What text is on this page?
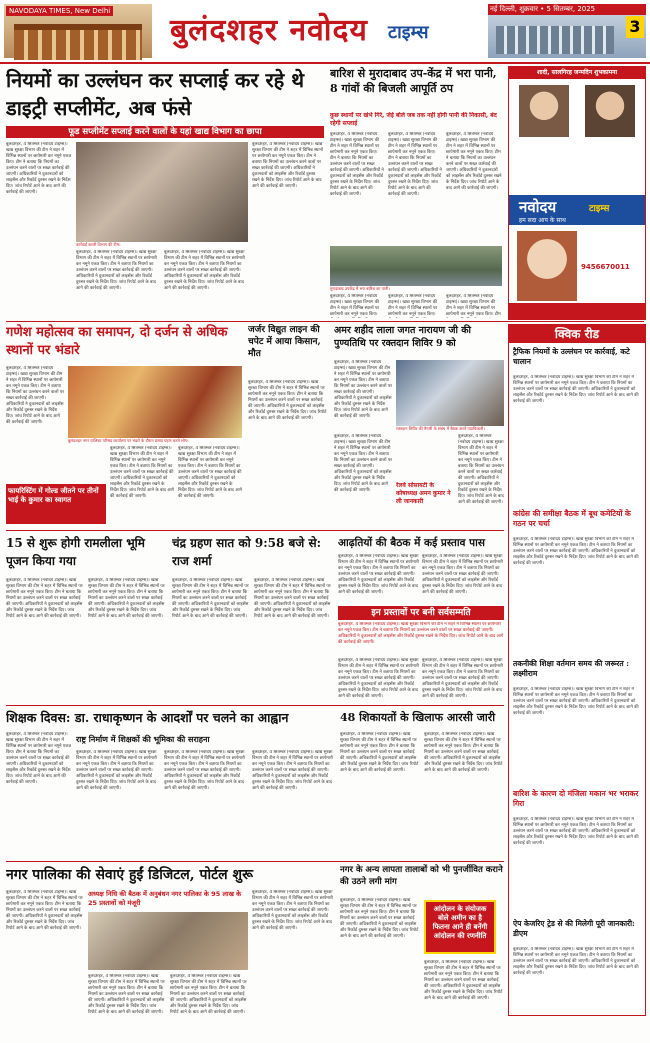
NAVODAYA TIMES, New Delhi
बुलंदशहर नवोदय टाइम्स
नई दिल्ली, शुक्रवार • 5 सितम्बर, 2025
3
नियमों का उल्लंघन कर सप्लाई कर रहे थे डाइट्री सप्लीमेंट, अब फंसे
फूड सप्लीमेंट सप्लाई करने वालों के यहां खाद्य विभाग का छापा
बुलंदशहर, 4 सितम्बर (नवोदय टाइम्स)। खाद्य सुरक्षा विभाग की टीम ने शहर में विभिन्न स्थानों पर छापेमारी कर नमूने एकत्र किए। टीम ने बताया कि नियमों का उल्लंघन करने वालों पर सख्त कार्रवाई की जाएगी। अधिकारियों ने दुकानदारों को लाइसेंस और रिकॉर्ड दुरुस्त रखने के निर्देश दिए। जांच रिपोर्ट आने के बाद आगे की कार्रवाई की जाएगी।
कार्रवाई करती विभाग की टीम।
बुलंदशहर, 4 सितम्बर (नवोदय टाइम्स)। खाद्य सुरक्षा विभाग की टीम ने शहर में विभिन्न स्थानों पर छापेमारी कर नमूने एकत्र किए। टीम ने बताया कि नियमों का उल्लंघन करने वालों पर सख्त कार्रवाई की जाएगी। अधिकारियों ने दुकानदारों को लाइसेंस और रिकॉर्ड दुरुस्त रखने के निर्देश दिए। जांच रिपोर्ट आने के बाद आगे की कार्रवाई की जाएगी।
बुलंदशहर, 4 सितम्बर (नवोदय टाइम्स)। खाद्य सुरक्षा विभाग की टीम ने शहर में विभिन्न स्थानों पर छापेमारी कर नमूने एकत्र किए। टीम ने बताया कि नियमों का उल्लंघन करने वालों पर सख्त कार्रवाई की जाएगी। अधिकारियों ने दुकानदारों को लाइसेंस और रिकॉर्ड दुरुस्त रखने के निर्देश दिए। जांच रिपोर्ट आने के बाद आगे की कार्रवाई की जाएगी।
बुलंदशहर, 4 सितम्बर (नवोदय टाइम्स)। खाद्य सुरक्षा विभाग की टीम ने शहर में विभिन्न स्थानों पर छापेमारी कर नमूने एकत्र किए। टीम ने बताया कि नियमों का उल्लंघन करने वालों पर सख्त कार्रवाई की जाएगी। अधिकारियों ने दुकानदारों को लाइसेंस और रिकॉर्ड दुरुस्त रखने के निर्देश दिए। जांच रिपोर्ट आने के बाद आगे की कार्रवाई की जाएगी।
बारिश से मुरादाबाद उप-केंद्र में भरा पानी, 8 गांवों की बिजली आपूर्ति ठप
कुछ स्थानों पर खंभे गिरे, जेई बोले जब तक नहीं होगी पानी की निकासी, बंद रहेगी सप्लाई
बुलंदशहर, 4 सितम्बर (नवोदय टाइम्स)। खाद्य सुरक्षा विभाग की टीम ने शहर में विभिन्न स्थानों पर छापेमारी कर नमूने एकत्र किए। टीम ने बताया कि नियमों का उल्लंघन करने वालों पर सख्त कार्रवाई की जाएगी। अधिकारियों ने दुकानदारों को लाइसेंस और रिकॉर्ड दुरुस्त रखने के निर्देश दिए। जांच रिपोर्ट आने के बाद आगे की कार्रवाई की जाएगी।
बुलंदशहर, 4 सितम्बर (नवोदय टाइम्स)। खाद्य सुरक्षा विभाग की टीम ने शहर में विभिन्न स्थानों पर छापेमारी कर नमूने एकत्र किए। टीम ने बताया कि नियमों का उल्लंघन करने वालों पर सख्त कार्रवाई की जाएगी। अधिकारियों ने दुकानदारों को लाइसेंस और रिकॉर्ड दुरुस्त रखने के निर्देश दिए। जांच रिपोर्ट आने के बाद आगे की कार्रवाई की जाएगी।
बुलंदशहर, 4 सितम्बर (नवोदय टाइम्स)। खाद्य सुरक्षा विभाग की टीम ने शहर में विभिन्न स्थानों पर छापेमारी कर नमूने एकत्र किए। टीम ने बताया कि नियमों का उल्लंघन करने वालों पर सख्त कार्रवाई की जाएगी। अधिकारियों ने दुकानदारों को लाइसेंस और रिकॉर्ड दुरुस्त रखने के निर्देश दिए। जांच रिपोर्ट आने के बाद आगे की कार्रवाई की जाएगी।
मुरादाबाद उपकेंद्र में भरा बारिश का पानी।
बुलंदशहर, 4 सितम्बर (नवोदय टाइम्स)। खाद्य सुरक्षा विभाग की टीम ने शहर में विभिन्न स्थानों पर छापेमारी कर नमूने एकत्र किए।
बुलंदशहर, 4 सितम्बर (नवोदय टाइम्स)। खाद्य सुरक्षा विभाग की टीम ने शहर में विभिन्न स्थानों पर छापेमारी कर नमूने एकत्र किए।
बुलंदशहर, 4 सितम्बर (नवोदय टाइम्स)। खाद्य सुरक्षा विभाग की टीम ने शहर में विभिन्न स्थानों पर छापेमारी कर नमूने एकत्र किए। टीम
शादी, सालगिरह जन्मदिन शुभकामना
नवोदय	टाइम्स
हम सदा आप के साथ
9456670011
गणेश महोत्सव का समापन, दो दर्जन से अधिक स्थानों पर भंडारे
बुलंदशहर, 4 सितम्बर (नवोदय टाइम्स)। खाद्य सुरक्षा विभाग की टीम ने शहर में विभिन्न स्थानों पर छापेमारी कर नमूने एकत्र किए। टीम ने बताया कि नियमों का उल्लंघन करने वालों पर सख्त कार्रवाई की जाएगी। अधिकारियों ने दुकानदारों को लाइसेंस और रिकॉर्ड दुरुस्त रखने के निर्देश दिए। जांच रिपोर्ट आने के बाद आगे की कार्रवाई की जाएगी।
बुलंदशहर नगर पालिका परिषद कार्यालय पर भंडारे के दौरान प्रसाद ग्रहण करते लोग।
फायरिस्टिंग में गोल्ड जीतने पर तीनों भाई के कुमार का स्वागत
बुलंदशहर, 4 सितम्बर (नवोदय टाइम्स)। खाद्य सुरक्षा विभाग की टीम ने शहर में विभिन्न स्थानों पर छापेमारी कर नमूने एकत्र किए। टीम ने बताया कि नियमों का उल्लंघन करने वालों पर सख्त कार्रवाई की जाएगी। अधिकारियों ने दुकानदारों को लाइसेंस और रिकॉर्ड दुरुस्त रखने के निर्देश दिए। जांच रिपोर्ट आने के बाद आगे की कार्रवाई की जाएगी।
बुलंदशहर, 4 सितम्बर (नवोदय टाइम्स)। खाद्य सुरक्षा विभाग की टीम ने शहर में विभिन्न स्थानों पर छापेमारी कर नमूने एकत्र किए। टीम ने बताया कि नियमों का उल्लंघन करने वालों पर सख्त कार्रवाई की जाएगी। अधिकारियों ने दुकानदारों को लाइसेंस और रिकॉर्ड दुरुस्त रखने के निर्देश दिए। जांच रिपोर्ट आने के बाद आगे की कार्रवाई की जाएगी।
जर्जर विद्युत लाइन की चपेट में आया किसान, मौत
बुलंदशहर, 4 सितम्बर (नवोदय टाइम्स)। खाद्य सुरक्षा विभाग की टीम ने शहर में विभिन्न स्थानों पर छापेमारी कर नमूने एकत्र किए। टीम ने बताया कि नियमों का उल्लंघन करने वालों पर सख्त कार्रवाई की जाएगी। अधिकारियों ने दुकानदारों को लाइसेंस और रिकॉर्ड दुरुस्त रखने के निर्देश दिए। जांच रिपोर्ट आने के बाद आगे की कार्रवाई की जाएगी।
अमर शहीद लाला जगत नारायण जी की पुण्यतिथि पर रक्तदान शिविर 9 को
बुलंदशहर, 4 सितम्बर (नवोदय टाइम्स)। खाद्य सुरक्षा विभाग की टीम ने शहर में विभिन्न स्थानों पर छापेमारी कर नमूने एकत्र किए। टीम ने बताया कि नियमों का उल्लंघन करने वालों पर सख्त कार्रवाई की जाएगी। अधिकारियों ने दुकानदारों को लाइसेंस और रिकॉर्ड दुरुस्त रखने के निर्देश दिए। जांच रिपोर्ट आने के बाद आगे की कार्रवाई की जाएगी।
रक्तदान शिविर की तैयारी के संबंध में बैठक करते पदाधिकारी।
रेलवे सोसायटी के कोषाध्यक्ष अमन कुमार ने ली जानकारी
बुलंदशहर, 4 सितम्बर (नवोदय टाइम्स)। खाद्य सुरक्षा विभाग की टीम ने शहर में विभिन्न स्थानों पर छापेमारी कर नमूने एकत्र किए। टीम ने बताया कि नियमों का उल्लंघन करने वालों पर सख्त कार्रवाई की जाएगी। अधिकारियों ने दुकानदारों को लाइसेंस और रिकॉर्ड दुरुस्त रखने के निर्देश दिए। जांच रिपोर्ट आने के बाद आगे की कार्रवाई की जाएगी।
बुलंदशहर, 4 सितम्बर (नवोदय टाइम्स)। खाद्य सुरक्षा विभाग की टीम ने शहर में विभिन्न स्थानों पर छापेमारी कर नमूने एकत्र किए। टीम ने बताया कि नियमों का उल्लंघन करने वालों पर सख्त कार्रवाई की जाएगी। अधिकारियों ने दुकानदारों को लाइसेंस और रिकॉर्ड दुरुस्त रखने के निर्देश दिए। जांच रिपोर्ट आने के बाद आगे की कार्रवाई की जाएगी।
क्विक रीड
ट्रैफिक नियमों के उल्लंघन पर कार्रवाई, कटे चालान
बुलंदशहर, 4 सितम्बर (नवोदय टाइम्स)। खाद्य सुरक्षा विभाग की टीम ने शहर में विभिन्न स्थानों पर छापेमारी कर नमूने एकत्र किए। टीम ने बताया कि नियमों का उल्लंघन करने वालों पर सख्त कार्रवाई की जाएगी। अधिकारियों ने दुकानदारों को लाइसेंस और रिकॉर्ड दुरुस्त रखने के निर्देश दिए। जांच रिपोर्ट आने के बाद आगे की कार्रवाई की जाएगी।
कांग्रेस की समीक्षा बैठक में बूथ कमेटियों के गठन पर चर्चा
बुलंदशहर, 4 सितम्बर (नवोदय टाइम्स)। खाद्य सुरक्षा विभाग की टीम ने शहर में विभिन्न स्थानों पर छापेमारी कर नमूने एकत्र किए। टीम ने बताया कि नियमों का उल्लंघन करने वालों पर सख्त कार्रवाई की जाएगी। अधिकारियों ने दुकानदारों को लाइसेंस और रिकॉर्ड दुरुस्त रखने के निर्देश दिए। जांच रिपोर्ट आने के बाद आगे की कार्रवाई की जाएगी।
तकनीकी शिक्षा वर्तमान समय की जरूरत : लक्ष्मीराम
बुलंदशहर, 4 सितम्बर (नवोदय टाइम्स)। खाद्य सुरक्षा विभाग की टीम ने शहर में विभिन्न स्थानों पर छापेमारी कर नमूने एकत्र किए। टीम ने बताया कि नियमों का उल्लंघन करने वालों पर सख्त कार्रवाई की जाएगी। अधिकारियों ने दुकानदारों को लाइसेंस और रिकॉर्ड दुरुस्त रखने के निर्देश दिए। जांच रिपोर्ट आने के बाद आगे की कार्रवाई की जाएगी।
बारिश के कारण दो मंजिला मकान भर भराकर गिरा
बुलंदशहर, 4 सितम्बर (नवोदय टाइम्स)। खाद्य सुरक्षा विभाग की टीम ने शहर में विभिन्न स्थानों पर छापेमारी कर नमूने एकत्र किए। टीम ने बताया कि नियमों का उल्लंघन करने वालों पर सख्त कार्रवाई की जाएगी। अधिकारियों ने दुकानदारों को लाइसेंस और रिकॉर्ड दुरुस्त रखने के निर्देश दिए। जांच रिपोर्ट आने के बाद आगे की कार्रवाई की जाएगी।
ऐप केजरिए ट्रेड से की मिलेगी पूरी जानकारी: डीएम
बुलंदशहर, 4 सितम्बर (नवोदय टाइम्स)। खाद्य सुरक्षा विभाग की टीम ने शहर में विभिन्न स्थानों पर छापेमारी कर नमूने एकत्र किए। टीम ने बताया कि नियमों का उल्लंघन करने वालों पर सख्त कार्रवाई की जाएगी। अधिकारियों ने दुकानदारों को लाइसेंस और रिकॉर्ड दुरुस्त रखने के निर्देश दिए। जांच रिपोर्ट आने के बाद आगे की कार्रवाई की जाएगी।
15 से शुरू होगी रामलीला भूमि पूजन किया गया
बुलंदशहर, 4 सितम्बर (नवोदय टाइम्स)। खाद्य सुरक्षा विभाग की टीम ने शहर में विभिन्न स्थानों पर छापेमारी कर नमूने एकत्र किए। टीम ने बताया कि नियमों का उल्लंघन करने वालों पर सख्त कार्रवाई की जाएगी। अधिकारियों ने दुकानदारों को लाइसेंस और रिकॉर्ड दुरुस्त रखने के निर्देश दिए। जांच रिपोर्ट आने के बाद आगे की कार्रवाई की जाएगी।
बुलंदशहर, 4 सितम्बर (नवोदय टाइम्स)। खाद्य सुरक्षा विभाग की टीम ने शहर में विभिन्न स्थानों पर छापेमारी कर नमूने एकत्र किए। टीम ने बताया कि नियमों का उल्लंघन करने वालों पर सख्त कार्रवाई की जाएगी। अधिकारियों ने दुकानदारों को लाइसेंस और रिकॉर्ड दुरुस्त रखने के निर्देश दिए। जांच रिपोर्ट आने के बाद आगे की कार्रवाई की जाएगी।
चंद्र ग्रहण सात को 9:58 बजे से: राज शर्मा
बुलंदशहर, 4 सितम्बर (नवोदय टाइम्स)। खाद्य सुरक्षा विभाग की टीम ने शहर में विभिन्न स्थानों पर छापेमारी कर नमूने एकत्र किए। टीम ने बताया कि नियमों का उल्लंघन करने वालों पर सख्त कार्रवाई की जाएगी। अधिकारियों ने दुकानदारों को लाइसेंस और रिकॉर्ड दुरुस्त रखने के निर्देश दिए। जांच रिपोर्ट आने के बाद आगे की कार्रवाई की जाएगी।
बुलंदशहर, 4 सितम्बर (नवोदय टाइम्स)। खाद्य सुरक्षा विभाग की टीम ने शहर में विभिन्न स्थानों पर छापेमारी कर नमूने एकत्र किए। टीम ने बताया कि नियमों का उल्लंघन करने वालों पर सख्त कार्रवाई की जाएगी। अधिकारियों ने दुकानदारों को लाइसेंस और रिकॉर्ड दुरुस्त रखने के निर्देश दिए। जांच रिपोर्ट आने के बाद आगे की कार्रवाई की जाएगी।
आढ़तियों की बैठक में कई प्रस्ताव पास
बुलंदशहर, 4 सितम्बर (नवोदय टाइम्स)। खाद्य सुरक्षा विभाग की टीम ने शहर में विभिन्न स्थानों पर छापेमारी कर नमूने एकत्र किए। टीम ने बताया कि नियमों का उल्लंघन करने वालों पर सख्त कार्रवाई की जाएगी। अधिकारियों ने दुकानदारों को लाइसेंस और रिकॉर्ड दुरुस्त रखने के निर्देश दिए। जांच रिपोर्ट आने के बाद आगे की कार्रवाई की जाएगी।
बुलंदशहर, 4 सितम्बर (नवोदय टाइम्स)। खाद्य सुरक्षा विभाग की टीम ने शहर में विभिन्न स्थानों पर छापेमारी कर नमूने एकत्र किए। टीम ने बताया कि नियमों का उल्लंघन करने वालों पर सख्त कार्रवाई की जाएगी। अधिकारियों ने दुकानदारों को लाइसेंस और रिकॉर्ड दुरुस्त रखने के निर्देश दिए। जांच रिपोर्ट आने के बाद आगे की कार्रवाई की जाएगी।
इन प्रस्तावों पर बनी सर्वसम्मति
बुलंदशहर, 4 सितम्बर (नवोदय टाइम्स)। खाद्य सुरक्षा विभाग की टीम ने शहर में विभिन्न स्थानों पर छापेमारी कर नमूने एकत्र किए। टीम ने बताया कि नियमों का उल्लंघन करने वालों पर सख्त कार्रवाई की जाएगी। अधिकारियों ने दुकानदारों को लाइसेंस और रिकॉर्ड दुरुस्त रखने के निर्देश दिए। जांच रिपोर्ट आने के बाद आगे की कार्रवाई की जाएगी।
बुलंदशहर, 4 सितम्बर (नवोदय टाइम्स)। खाद्य सुरक्षा विभाग की टीम ने शहर में विभिन्न स्थानों पर छापेमारी कर नमूने एकत्र किए। टीम ने बताया कि नियमों का उल्लंघन करने वालों पर सख्त कार्रवाई की जाएगी। अधिकारियों ने दुकानदारों को लाइसेंस और रिकॉर्ड दुरुस्त रखने के निर्देश दिए। जांच रिपोर्ट आने के बाद आगे की कार्रवाई की जाएगी।
बुलंदशहर, 4 सितम्बर (नवोदय टाइम्स)। खाद्य सुरक्षा विभाग की टीम ने शहर में विभिन्न स्थानों पर छापेमारी कर नमूने एकत्र किए। टीम ने बताया कि नियमों का उल्लंघन करने वालों पर सख्त कार्रवाई की जाएगी। अधिकारियों ने दुकानदारों को लाइसेंस और रिकॉर्ड दुरुस्त रखने के निर्देश दिए। जांच रिपोर्ट आने के बाद आगे की कार्रवाई की जाएगी।
शिक्षक दिवस: डा. राधाकृष्णन के आदर्शों पर चलने का आह्वान
बुलंदशहर, 4 सितम्बर (नवोदय टाइम्स)। खाद्य सुरक्षा विभाग की टीम ने शहर में विभिन्न स्थानों पर छापेमारी कर नमूने एकत्र किए। टीम ने बताया कि नियमों का उल्लंघन करने वालों पर सख्त कार्रवाई की जाएगी। अधिकारियों ने दुकानदारों को लाइसेंस और रिकॉर्ड दुरुस्त रखने के निर्देश दिए। जांच रिपोर्ट आने के बाद आगे की कार्रवाई की जाएगी।
राष्ट्र निर्माण में शिक्षकों की भूमिका की सराहना
बुलंदशहर, 4 सितम्बर (नवोदय टाइम्स)। खाद्य सुरक्षा विभाग की टीम ने शहर में विभिन्न स्थानों पर छापेमारी कर नमूने एकत्र किए। टीम ने बताया कि नियमों का उल्लंघन करने वालों पर सख्त कार्रवाई की जाएगी। अधिकारियों ने दुकानदारों को लाइसेंस और रिकॉर्ड दुरुस्त रखने के निर्देश दिए। जांच रिपोर्ट आने के बाद आगे की कार्रवाई की जाएगी।
बुलंदशहर, 4 सितम्बर (नवोदय टाइम्स)। खाद्य सुरक्षा विभाग की टीम ने शहर में विभिन्न स्थानों पर छापेमारी कर नमूने एकत्र किए। टीम ने बताया कि नियमों का उल्लंघन करने वालों पर सख्त कार्रवाई की जाएगी। अधिकारियों ने दुकानदारों को लाइसेंस और रिकॉर्ड दुरुस्त रखने के निर्देश दिए। जांच रिपोर्ट आने के बाद आगे की कार्रवाई की जाएगी।
बुलंदशहर, 4 सितम्बर (नवोदय टाइम्स)। खाद्य सुरक्षा विभाग की टीम ने शहर में विभिन्न स्थानों पर छापेमारी कर नमूने एकत्र किए। टीम ने बताया कि नियमों का उल्लंघन करने वालों पर सख्त कार्रवाई की जाएगी। अधिकारियों ने दुकानदारों को लाइसेंस और रिकॉर्ड दुरुस्त रखने के निर्देश दिए। जांच रिपोर्ट आने के बाद आगे की कार्रवाई की जाएगी।
48 शिकायतों के खिलाफ आरसी जारी
बुलंदशहर, 4 सितम्बर (नवोदय टाइम्स)। खाद्य सुरक्षा विभाग की टीम ने शहर में विभिन्न स्थानों पर छापेमारी कर नमूने एकत्र किए। टीम ने बताया कि नियमों का उल्लंघन करने वालों पर सख्त कार्रवाई की जाएगी। अधिकारियों ने दुकानदारों को लाइसेंस और रिकॉर्ड दुरुस्त रखने के निर्देश दिए। जांच रिपोर्ट आने के बाद आगे की कार्रवाई की जाएगी।
बुलंदशहर, 4 सितम्बर (नवोदय टाइम्स)। खाद्य सुरक्षा विभाग की टीम ने शहर में विभिन्न स्थानों पर छापेमारी कर नमूने एकत्र किए। टीम ने बताया कि नियमों का उल्लंघन करने वालों पर सख्त कार्रवाई की जाएगी। अधिकारियों ने दुकानदारों को लाइसेंस और रिकॉर्ड दुरुस्त रखने के निर्देश दिए। जांच रिपोर्ट आने के बाद आगे की कार्रवाई की जाएगी।
नगर पालिका की सेवाएं हुईं डिजिटल, पोर्टल शुरू
बुलंदशहर, 4 सितम्बर (नवोदय टाइम्स)। खाद्य सुरक्षा विभाग की टीम ने शहर में विभिन्न स्थानों पर छापेमारी कर नमूने एकत्र किए। टीम ने बताया कि नियमों का उल्लंघन करने वालों पर सख्त कार्रवाई की जाएगी। अधिकारियों ने दुकानदारों को लाइसेंस और रिकॉर्ड दुरुस्त रखने के निर्देश दिए। जांच रिपोर्ट आने के बाद आगे की कार्रवाई की जाएगी।
अध्यक्ष निधि की बैठक में अनुबंधन नगर पालिका के 95 लाख के 25 प्रस्तावों को मंजूरी
बुलंदशहर, 4 सितम्बर (नवोदय टाइम्स)। खाद्य सुरक्षा विभाग की टीम ने शहर में विभिन्न स्थानों पर छापेमारी कर नमूने एकत्र किए। टीम ने बताया कि नियमों का उल्लंघन करने वालों पर सख्त कार्रवाई की जाएगी। अधिकारियों ने दुकानदारों को लाइसेंस और रिकॉर्ड दुरुस्त रखने के निर्देश दिए। जांच रिपोर्ट आने के बाद आगे की कार्रवाई की जाएगी।
बुलंदशहर, 4 सितम्बर (नवोदय टाइम्स)। खाद्य सुरक्षा विभाग की टीम ने शहर में विभिन्न स्थानों पर छापेमारी कर नमूने एकत्र किए। टीम ने बताया कि नियमों का उल्लंघन करने वालों पर सख्त कार्रवाई की जाएगी। अधिकारियों ने दुकानदारों को लाइसेंस और रिकॉर्ड दुरुस्त रखने के निर्देश दिए। जांच रिपोर्ट आने के बाद आगे की कार्रवाई की जाएगी।
बुलंदशहर, 4 सितम्बर (नवोदय टाइम्स)। खाद्य सुरक्षा विभाग की टीम ने शहर में विभिन्न स्थानों पर छापेमारी कर नमूने एकत्र किए। टीम ने बताया कि नियमों का उल्लंघन करने वालों पर सख्त कार्रवाई की जाएगी। अधिकारियों ने दुकानदारों को लाइसेंस और रिकॉर्ड दुरुस्त रखने के निर्देश दिए। जांच रिपोर्ट आने के बाद आगे की कार्रवाई की जाएगी।
नगर के अन्य लापता तालाबों को भी पुनर्जीवित कराने की उठने लगी मांग
बुलंदशहर, 4 सितम्बर (नवोदय टाइम्स)। खाद्य सुरक्षा विभाग की टीम ने शहर में विभिन्न स्थानों पर छापेमारी कर नमूने एकत्र किए। टीम ने बताया कि नियमों का उल्लंघन करने वालों पर सख्त कार्रवाई की जाएगी। अधिकारियों ने दुकानदारों को लाइसेंस और रिकॉर्ड दुरुस्त रखने के निर्देश दिए। जांच रिपोर्ट आने के बाद आगे की कार्रवाई की जाएगी।
आंदोलन के संयोजक बोले अमीन का है फितना आने ही बनेंगी आंदोलन की रणनीति
बुलंदशहर, 4 सितम्बर (नवोदय टाइम्स)। खाद्य सुरक्षा विभाग की टीम ने शहर में विभिन्न स्थानों पर छापेमारी कर नमूने एकत्र किए। टीम ने बताया कि नियमों का उल्लंघन करने वालों पर सख्त कार्रवाई की जाएगी। अधिकारियों ने दुकानदारों को लाइसेंस और रिकॉर्ड दुरुस्त रखने के निर्देश दिए। जांच रिपोर्ट आने के बाद आगे की कार्रवाई की जाएगी।
